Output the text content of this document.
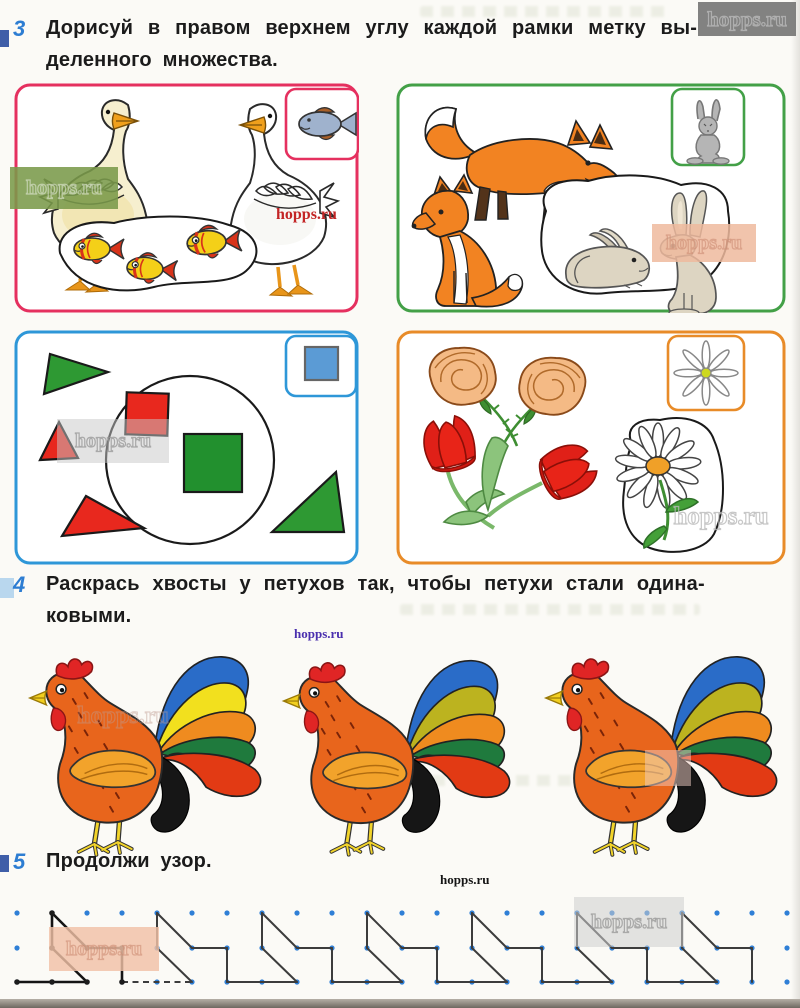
3 Дорисуй в правом верхнем углу каждой рамки метку вы-
деленного множества.
4 Раскрась хвосты у петухов так, чтобы петухи стали одина-
ковыми.
5 Продолжи узор.
hopps.ru
hopps.ru
hopps.ru
hopps.ru
hopps.ru
hopps.ru
hopps.ru
hopps.ru
hopps.ru
hopps.ru
hopps.ru
